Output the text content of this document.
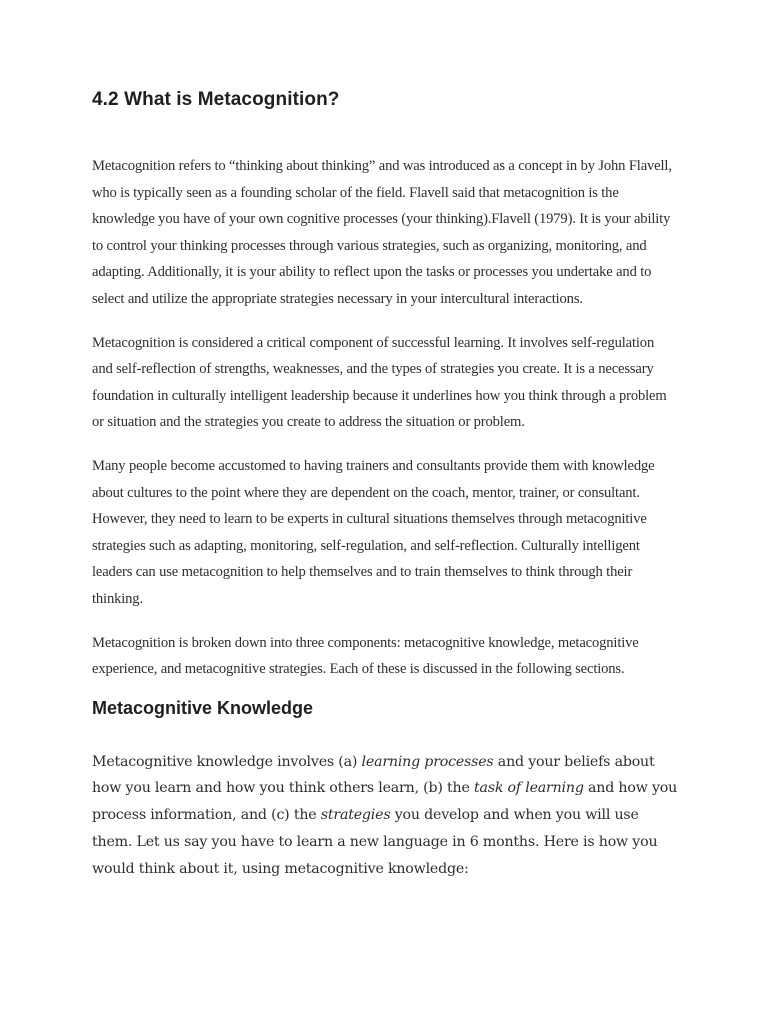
4.2 What is Metacognition?

Metacognition refers to “thinking about thinking” and was introduced as a concept in by John Flavell, who is typically seen as a founding scholar of the field. Flavell said that metacognition is the knowledge you have of your own cognitive processes (your thinking).Flavell (1979). It is your ability to control your thinking processes through various strategies, such as organizing, monitoring, and adapting. Additionally, it is your ability to reflect upon the tasks or processes you undertake and to select and utilize the appropriate strategies necessary in your intercultural interactions.

Metacognition is considered a critical component of successful learning. It involves self-regulation and self-reflection of strengths, weaknesses, and the types of strategies you create. It is a necessary foundation in culturally intelligent leadership because it underlines how you think through a problem or situation and the strategies you create to address the situation or problem.

Many people become accustomed to having trainers and consultants provide them with knowledge about cultures to the point where they are dependent on the coach, mentor, trainer, or consultant. However, they need to learn to be experts in cultural situations themselves through metacognitive strategies such as adapting, monitoring, self-regulation, and self-reflection. Culturally intelligent leaders can use metacognition to help themselves and to train themselves to think through their thinking.

Metacognition is broken down into three components: metacognitive knowledge, metacognitive experience, and metacognitive strategies. Each of these is discussed in the following sections.

Metacognitive Knowledge

Metacognitive knowledge involves (a) learning processes and your beliefs about how you learn and how you think others learn, (b) the task of learning and how you process information, and (c) the strategies you develop and when you will use them. Let us say you have to learn a new language in 6 months. Here is how you would think about it, using metacognitive knowledge:
